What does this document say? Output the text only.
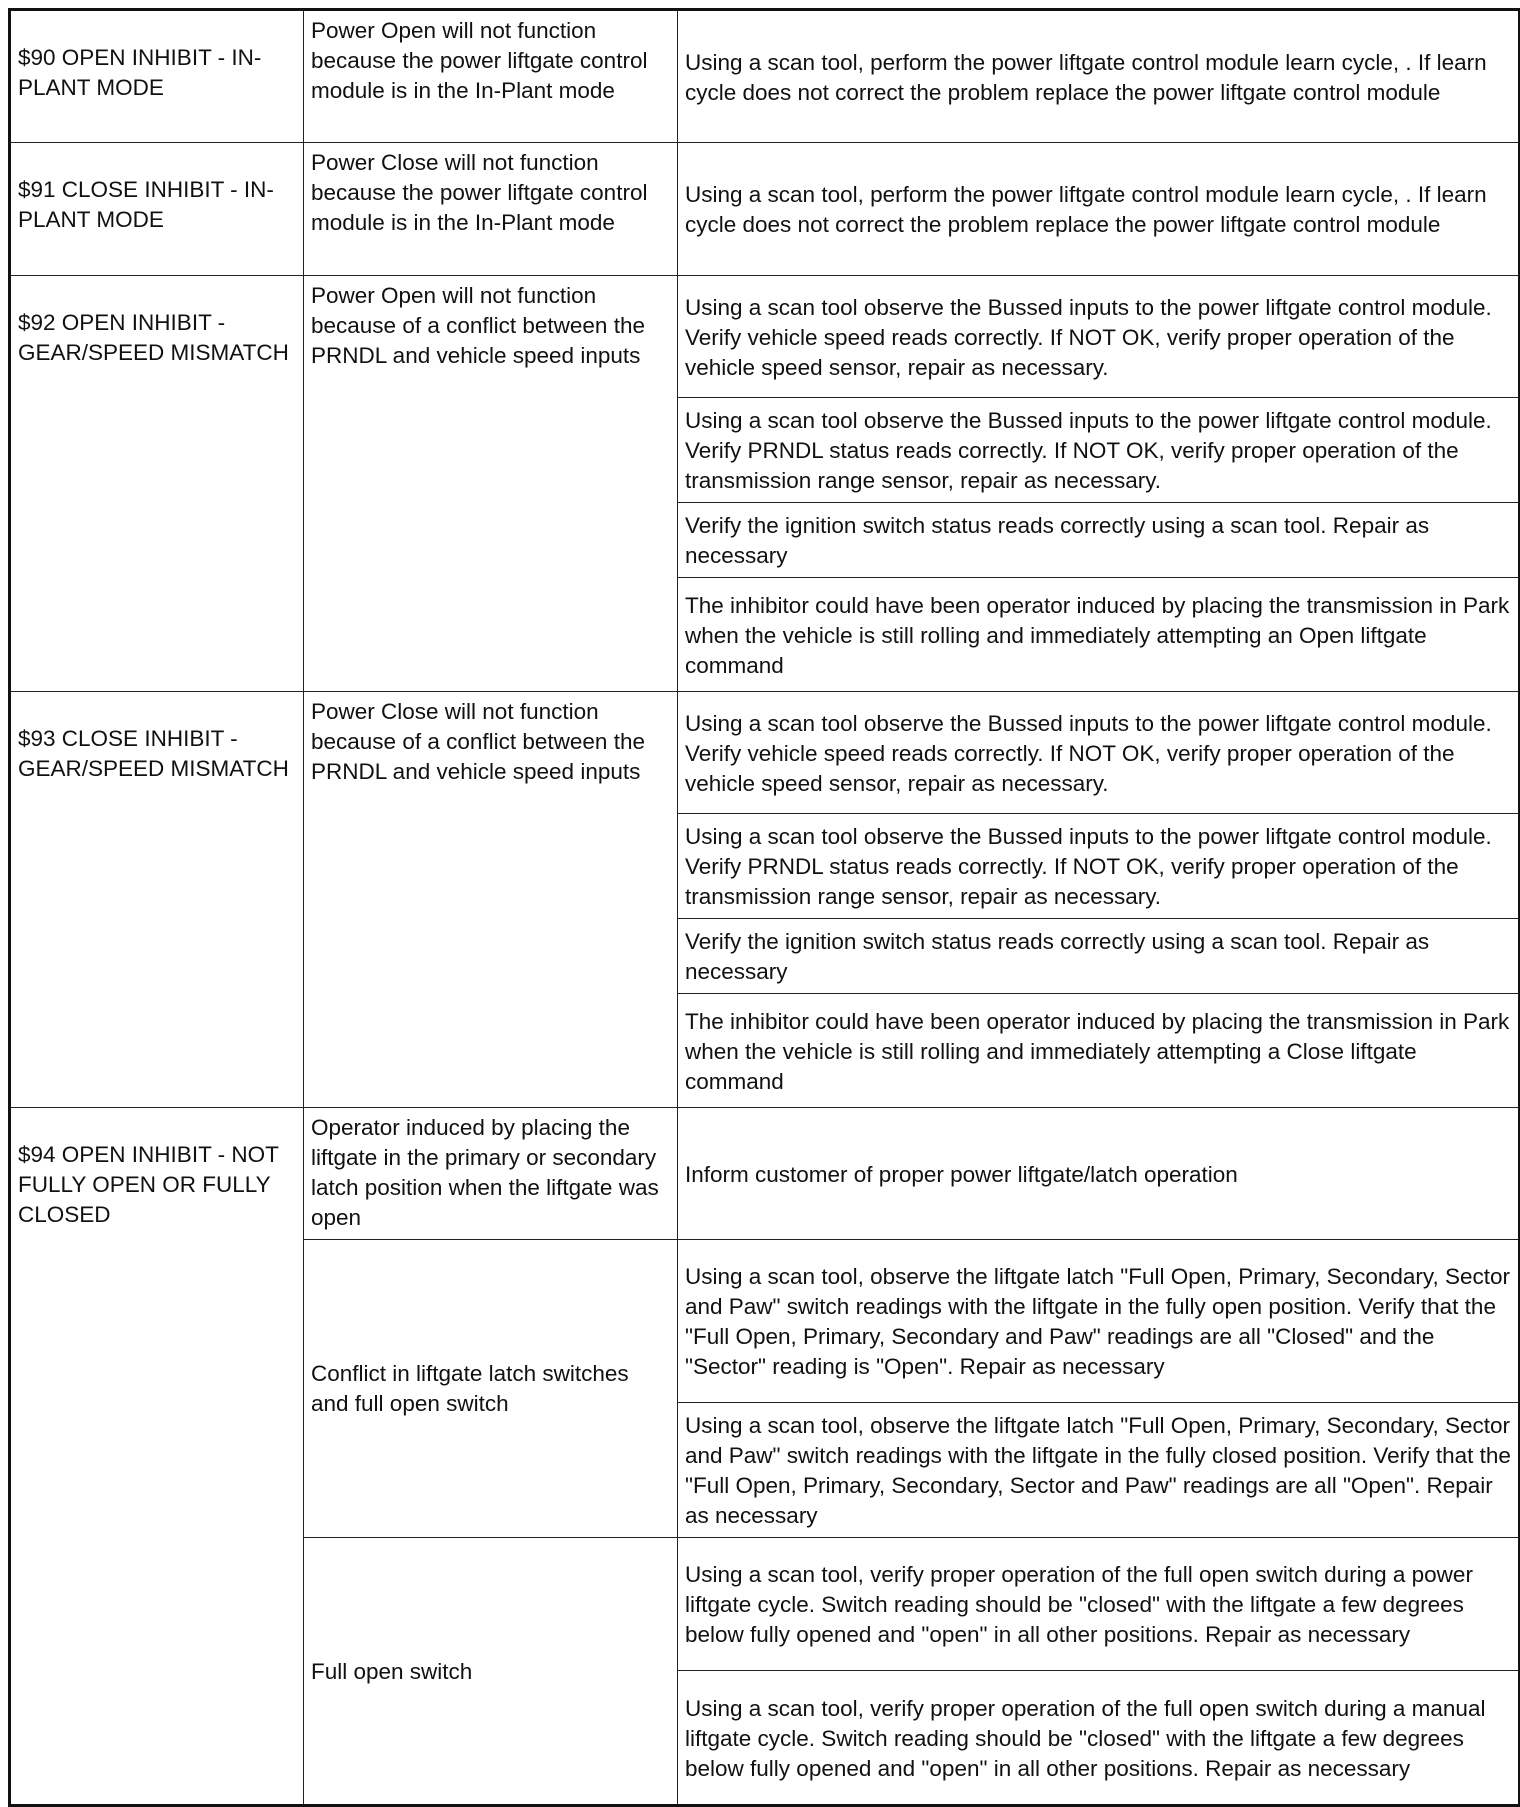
$90 OPEN INHIBIT - IN-PLANT MODE	Power Open will not function because the power liftgate control module is in the In-Plant mode	Using a scan tool, perform the power liftgate control module learn cycle, . If learn cycle does not correct the problem replace the power liftgate control module
$91 CLOSE INHIBIT - IN-PLANT MODE	Power Close will not function because the power liftgate control module is in the In-Plant mode	Using a scan tool, perform the power liftgate control module learn cycle, . If learn cycle does not correct the problem replace the power liftgate control module
$92 OPEN INHIBIT - GEAR/SPEED MISMATCH	Power Open will not function because of a conflict between the PRNDL and vehicle speed inputs	Using a scan tool observe the Bussed inputs to the power liftgate control module. Verify vehicle speed reads correctly. If NOT OK, verify proper operation of the vehicle speed sensor, repair as necessary.
		Using a scan tool observe the Bussed inputs to the power liftgate control module. Verify PRNDL status reads correctly. If NOT OK, verify proper operation of the transmission range sensor, repair as necessary.
		Verify the ignition switch status reads correctly using a scan tool. Repair as necessary
		The inhibitor could have been operator induced by placing the transmission in Park when the vehicle is still rolling and immediately attempting an Open liftgate command
$93 CLOSE INHIBIT - GEAR/SPEED MISMATCH	Power Close will not function because of a conflict between the PRNDL and vehicle speed inputs	Using a scan tool observe the Bussed inputs to the power liftgate control module. Verify vehicle speed reads correctly. If NOT OK, verify proper operation of the vehicle speed sensor, repair as necessary.
		Using a scan tool observe the Bussed inputs to the power liftgate control module. Verify PRNDL status reads correctly. If NOT OK, verify proper operation of the transmission range sensor, repair as necessary.
		Verify the ignition switch status reads correctly using a scan tool. Repair as necessary
		The inhibitor could have been operator induced by placing the transmission in Park when the vehicle is still rolling and immediately attempting a Close liftgate command
$94 OPEN INHIBIT - NOT FULLY OPEN OR FULLY CLOSED	Operator induced by placing the liftgate in the primary or secondary latch position when the liftgate was open	Inform customer of proper power liftgate/latch operation
	Conflict in liftgate latch switches and full open switch	Using a scan tool, observe the liftgate latch "Full Open, Primary, Secondary, Sector and Paw" switch readings with the liftgate in the fully open position. Verify that the "Full Open, Primary, Secondary and Paw" readings are all "Closed" and the "Sector" reading is "Open". Repair as necessary
		Using a scan tool, observe the liftgate latch "Full Open, Primary, Secondary, Sector and Paw" switch readings with the liftgate in the fully closed position. Verify that the "Full Open, Primary, Secondary, Sector and Paw" readings are all "Open". Repair as necessary
	Full open switch	Using a scan tool, verify proper operation of the full open switch during a power liftgate cycle. Switch reading should be "closed" with the liftgate a few degrees below fully opened and "open" in all other positions. Repair as necessary
		Using a scan tool, verify proper operation of the full open switch during a manual liftgate cycle. Switch reading should be "closed" with the liftgate a few degrees below fully opened and "open" in all other positions. Repair as necessary
